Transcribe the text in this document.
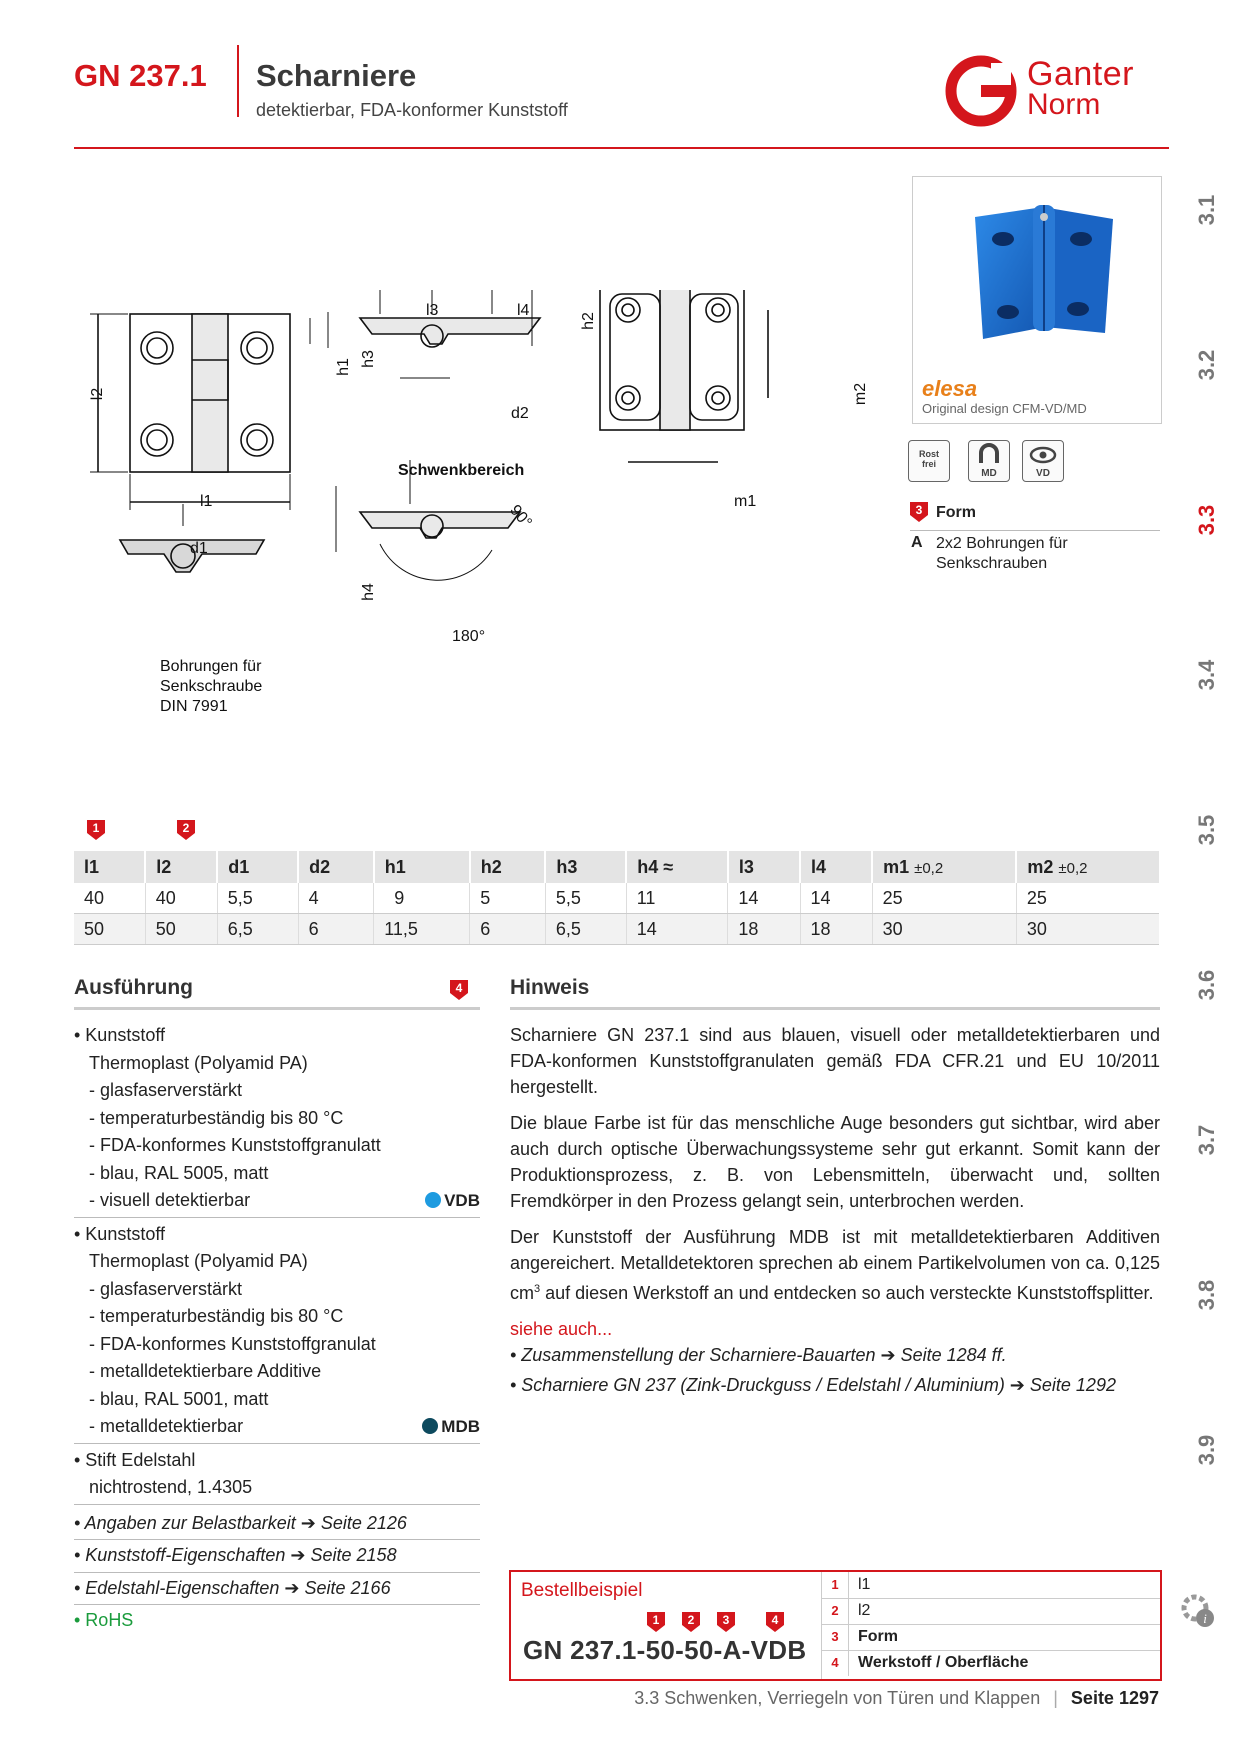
GN 237.1 Scharniere
detektierbar, FDA-konformer Kunststoff
Ganter
Norm
3.1
3.2
3.3
3.4
3.5
3.6
3.7
3.8
3.9
elesa
Original design CFM-VD/MD
Rost frei
MD	VD
3 Form
A 2x2 Bohrungen für Senkschrauben
l2
l1
l3	l4
h2
h1 h3
d2
m2
m1
d1
Schwenkbereich
90°
180°
h4
Bohrungen für
Senkschraube
DIN 7991
1	2
l1	l2	d1	d2	h1	h2	h3	h4 ≈	l3	l4	m1 ±0,2	m2 ±0,2
40	40	5,5	4	9	5	5,5	11	14	14	25	25
50	50	6,5	6	11,5	6	6,5	14	18	18	30	30
Ausführung	4
• Kunststoff
Thermoplast (Polyamid PA)
- glasfaserverstärkt
- temperaturbeständig bis 80 °C
- FDA-konformes Kunststoffgranulatt
- blau, RAL 5005, matt
- visuell detektierbar	VDB
• Kunststoff
Thermoplast (Polyamid PA)
- glasfaserverstärkt
- temperaturbeständig bis 80 °C
- FDA-konformes Kunststoffgranulat
- metalldetektierbare Additive
- blau, RAL 5001, matt
- metalldetektierbar	MDB
• Stift Edelstahl
nichtrostend, 1.4305
• Angaben zur Belastbarkeit ➔ Seite 2126
• Kunststoff-Eigenschaften ➔ Seite 2158
• Edelstahl-Eigenschaften ➔ Seite 2166
• RoHS
Hinweis

Scharniere GN 237.1 sind aus blauen, visuell oder metalldetektierbaren und FDA-konformen Kunststoffgranulaten gemäß FDA CFR.21 und EU 10/2011 hergestellt.

Die blaue Farbe ist für das menschliche Auge besonders gut sichtbar, wird aber auch durch optische Überwachungssysteme sehr gut erkannt. Somit kann der Produktionsprozess, z. B. von Lebensmitteln, überwacht und, sollten Fremdkörper in den Prozess gelangt sein, unterbrochen werden.

Der Kunststoff der Ausführung MDB ist mit metalldetektierbaren Additiven angereichert. Metalldetektoren sprechen ab einem Partikelvolumen von ca. 0,125 $cm^3$ auf diesen Werkstoff an und entdecken so auch versteckte Kunststoffsplitter.

siehe auch...
• Zusammenstellung der Scharniere-Bauarten ➔ Seite 1284 ff.
• Scharniere GN 237 (Zink-Druckguss / Edelstahl / Aluminium) ➔ Seite 1292
Bestellbeispiel
1	2	3	4
GN 237.1-50-50-A-VDB
1	l1
2	l2
3	Form
4	Werkstoff / Oberfläche
i
3.3 Schwenken, Verriegeln von Türen und Klappen | Seite 1297
